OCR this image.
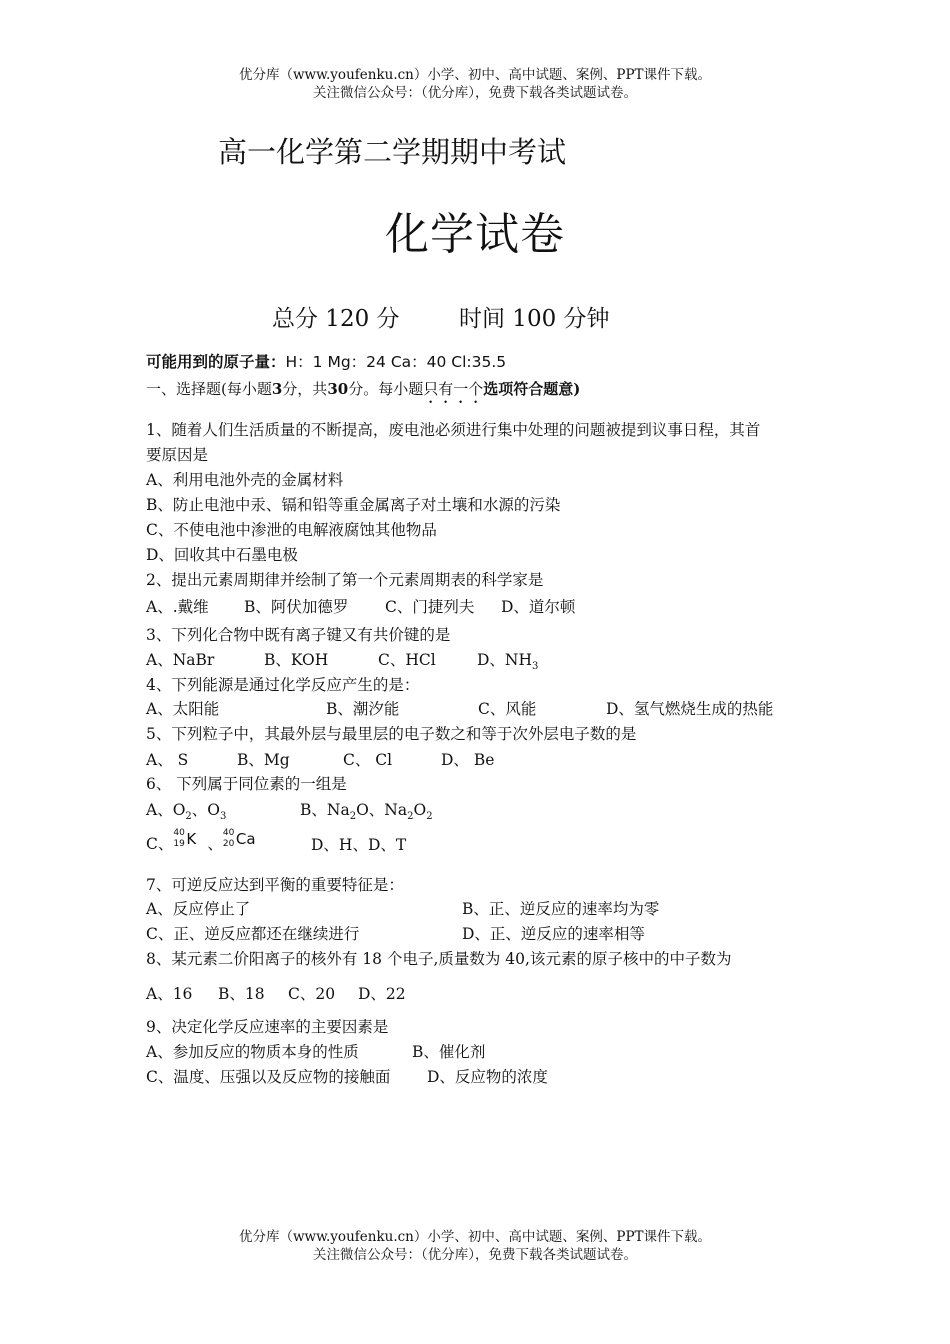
优分库（www.youfenku.cn）小学、初中、高中试题、案例、PPT课件下载。
关注微信公众号：（优分库），免费下载各类试题试卷。
高一化学第二学期期中考试
化学试卷
总分 120 分	时间 100 分钟
可能用到的原子量：H：1 Mg：24 Ca：40 Cl:35.5
一、选择题(每小题3分，共30分。每小题只有一个选项符合题意)
1、随着人们生活质量的不断提高，废电池必须进行集中处理的问题被提到议事日程，其首
要原因是
A、利用电池外壳的金属材料
B、防止电池中汞、镉和铅等重金属离子对土壤和水源的污染
C、不使电池中渗泄的电解液腐蚀其他物品
D、回收其中石墨电极
2、提出元素周期律并绘制了第一个元素周期表的科学家是
A、.戴维 B、阿伏加德罗 C、门捷列夫 D、道尔顿
3、下列化合物中既有离子键又有共价键的是
A、NaBr	B、KOH	C、HCl	D、$NH_3$
4、下列能源是通过化学反应产生的是：
A、太阳能	B、潮汐能	C、风能	D、氢气燃烧生成的热能
5、下列粒子中，其最外层与最里层的电子数之和等于次外层电子数的是
A、 S	B、Mg	C、 Cl	D、 Be
6、 下列属于同位素的一组是
A、$O_2$、$O_3$	B、$Na_2O$、$Na_2O_2$
C、
40
19 K 、
40
20 Ca	D、H、D、T
7、可逆反应达到平衡的重要特征是：
A、反应停止了	B、正、逆反应的速率均为零
C、正、逆反应都还在继续进行	D、正、逆反应的速率相等
8、某元素二价阳离子的核外有 18 个电子,质量数为 40,该元素的原子核中的中子数为
A、16 B、18 C、20 D、22
9、决定化学反应速率的主要因素是
A、参加反应的物质本身的性质	B、催化剂
C、温度、压强以及反应物的接触面 D、反应物的浓度
优分库（www.youfenku.cn）小学、初中、高中试题、案例、PPT课件下载。
关注微信公众号：（优分库），免费下载各类试题试卷。
